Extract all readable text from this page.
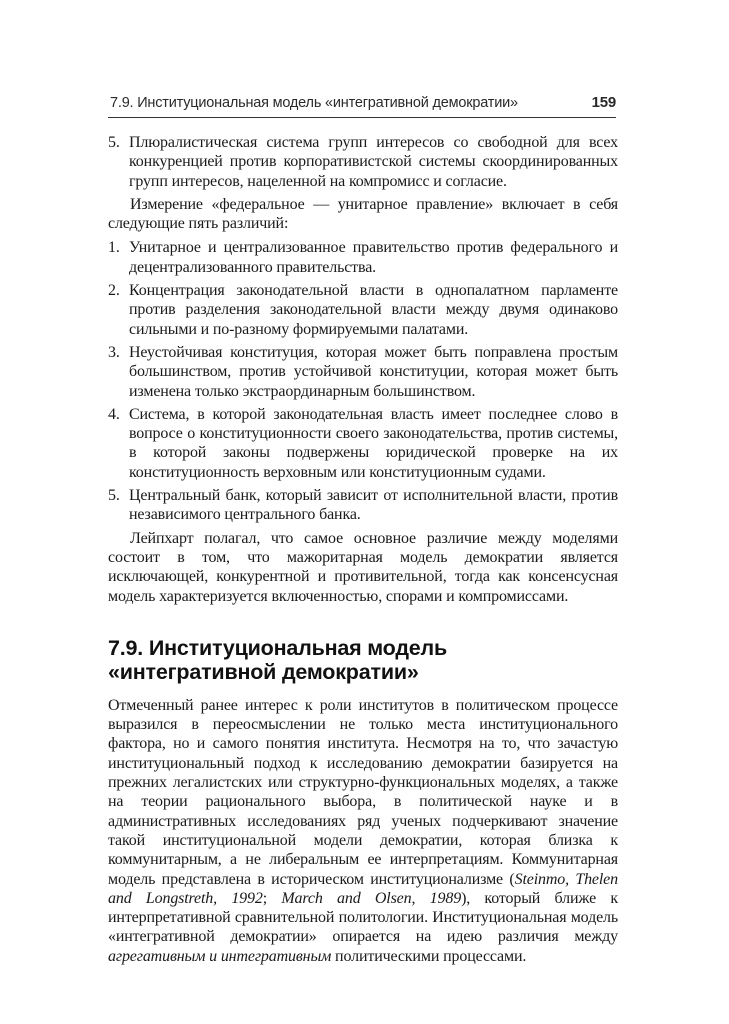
7.9. Институциональная модель «интегративной демократии»	159
5. Плюралистическая система групп интересов со свободной для всех конкуренцией против корпоративистской системы скоординированных групп интересов, нацеленной на компромисс и согласие.

Измерение «федеральное — унитарное правление» включает в себя следующие пять различий:

1. Унитарное и централизованное правительство против федерального и децентрализованного правительства.

2. Концентрация законодательной власти в однопалатном парламенте против разделения законодательной власти между двумя одинаково сильными и по-разному формируемыми палатами.

3. Неустойчивая конституция, которая может быть поправлена простым большинством, против устойчивой конституции, которая может быть изменена только экстраординарным большинством.

4. Система, в которой законодательная власть имеет последнее слово в вопросе о конституционности своего законодательства, против системы, в которой законы подвержены юридической проверке на их конституционность верховным или конституционным судами.

5. Центральный банк, который зависит от исполнительной власти, против независимого центрального банка.

Лейпхарт полагал, что самое основное различие между моделями состоит в том, что мажоритарная модель демократии является исключающей, конкурентной и противительной, тогда как консенсусная модель характеризуется включенностью, спорами и компромиссами.

7.9. Институциональная модель
«интегративной демократии»

Отмеченный ранее интерес к роли институтов в политическом процессе выразился в переосмыслении не только места институционального фактора, но и самого понятия института. Несмотря на то, что зачастую институциональный подход к исследованию демократии базируется на прежних легалистских или структурно-функциональных моделях, а также на теории рационального выбора, в политической науке и в административных исследованиях ряд ученых подчеркивают значение такой институциональной модели демократии, которая близка к коммунитарным, а не либеральным ее интерпретациям. Коммунитарная модель представлена в историческом институционализме (Steinmo, Thelen and Longstreth, 1992; March and Olsen, 1989), который ближе к интерпретативной сравнительной политологии. Институциональная модель «интегративной демократии» опирается на идею различия между агрегативным и интегративным политическими процессами.
